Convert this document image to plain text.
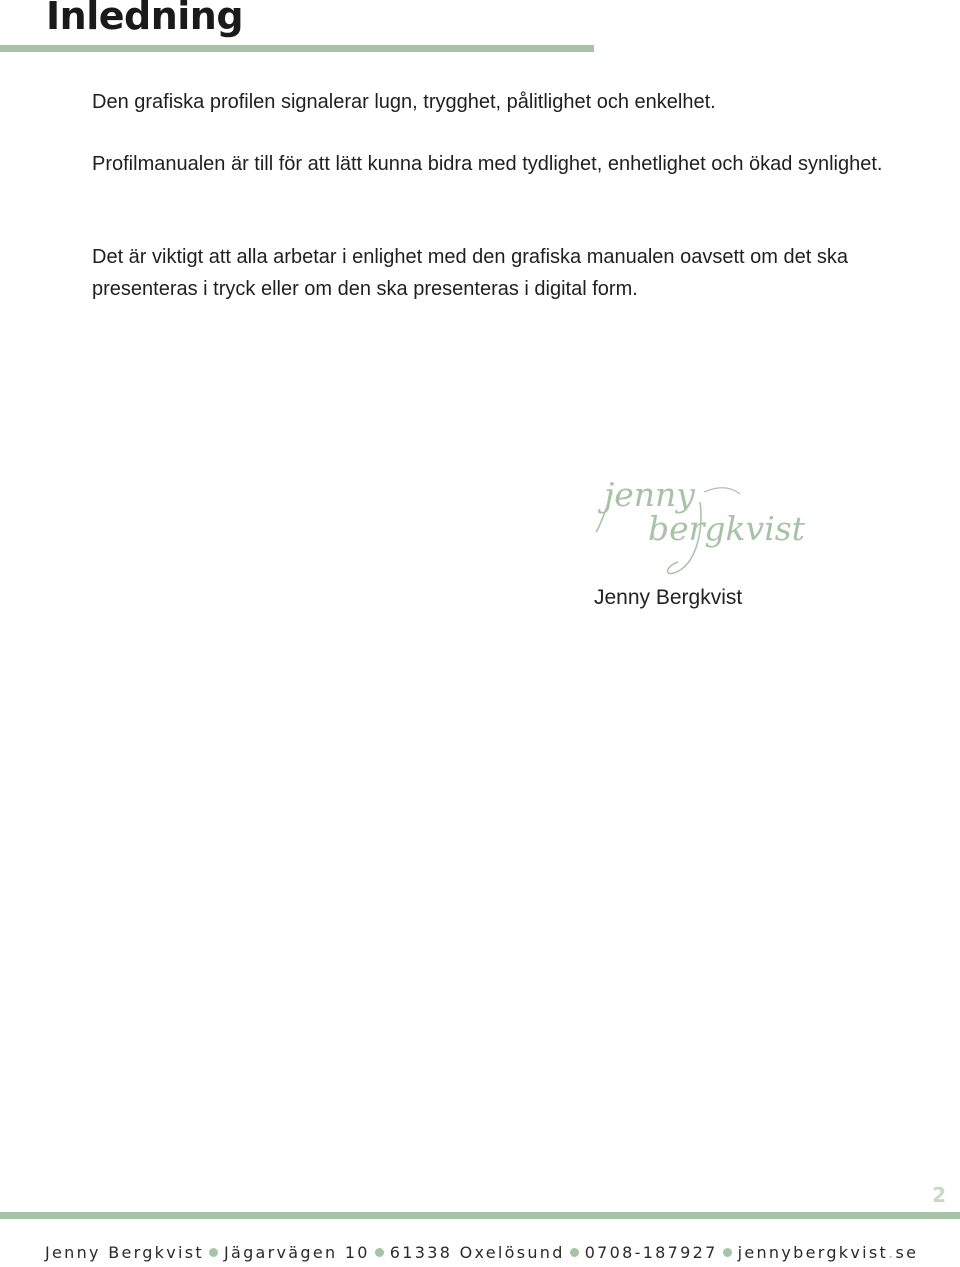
Inledning

Den grafiska profilen signalerar lugn, trygghet, pålitlighet och enkelhet.

Profilmanualen är till för att lätt kunna bidra med tydlighet, enhetlighet och ökad synlighet.

Det är viktigt att alla arbetar i enlighet med den grafiska manualen oavsett om det ska presenteras i tryck eller om den ska presenteras i digital form.

jenny
bergkvist

Jenny Bergkvist

2
Jenny Bergkvist Jägarvägen 10 61338 Oxelösund 0708-187927 jennybergkvist.se
